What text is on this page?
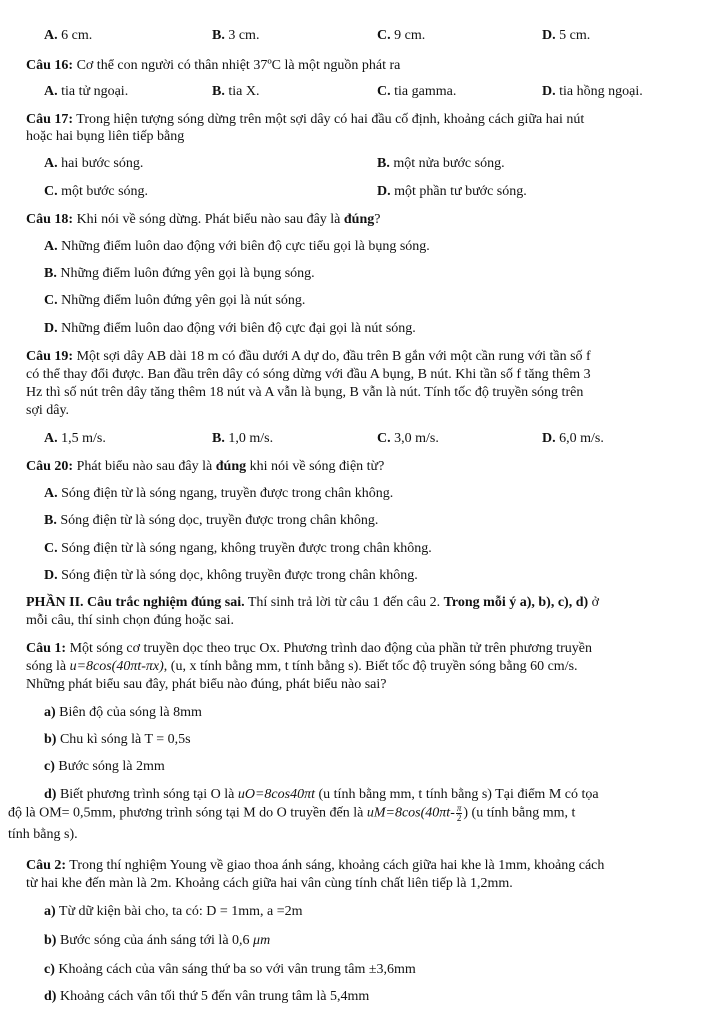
A. 6 cm.	B. 3 cm.	C. 9 cm.	D. 5 cm.
Câu 16: Cơ thể con người có thân nhiệt 37ºC là một nguồn phát ra
A. tia tử ngoại.	B. tia X.	C. tia gamma.	D. tia hồng ngoại.
Câu 17: Trong hiện tượng sóng dừng trên một sợi dây có hai đầu cố định, khoảng cách giữa hai nút
hoặc hai bụng liên tiếp bằng
A. hai bước sóng.	B. một nửa bước sóng.
C. một bước sóng.	D. một phần tư bước sóng.
Câu 18: Khi nói về sóng dừng. Phát biểu nào sau đây là đúng?
A. Những điểm luôn dao động với biên độ cực tiểu gọi là bụng sóng.
B. Những điểm luôn đứng yên gọi là bụng sóng.
C. Những điểm luôn đứng yên gọi là nút sóng.
D. Những điểm luôn dao động với biên độ cực đại gọi là nút sóng.
Câu 19: Một sợi dây AB dài 18 m có đầu dưới A dự do, đầu trên B gắn với một cần rung với tần số f
có thể thay đổi được. Ban đầu trên dây có sóng dừng với đầu A bụng, B nút. Khi tần số f tăng thêm 3
Hz thì số nút trên dây tăng thêm 18 nút và A vẫn là bụng, B vẫn là nút. Tính tốc độ truyền sóng trên
sợi dây.
A. 1,5 m/s.	B. 1,0 m/s.	C. 3,0 m/s.	D. 6,0 m/s.
Câu 20: Phát biểu nào sau đây là đúng khi nói về sóng điện từ?
A. Sóng điện từ là sóng ngang, truyền được trong chân không.
B. Sóng điện từ là sóng dọc, truyền được trong chân không.
C. Sóng điện từ là sóng ngang, không truyền được trong chân không.
D. Sóng điện từ là sóng dọc, không truyền được trong chân không.
PHẦN II. Câu trắc nghiệm đúng sai. Thí sinh trả lời từ câu 1 đến câu 2. Trong mỗi ý a), b), c), d) ở
mỗi câu, thí sinh chọn đúng hoặc sai.
Câu 1: Một sóng cơ truyền dọc theo trục Ox. Phương trình dao động của phần tử trên phương truyền
sóng là u=8cos(40πt-πx), (u, x tính bằng mm, t tính bằng s). Biết tốc độ truyền sóng bằng 60 cm/s.
Những phát biểu sau đây, phát biểu nào đúng, phát biểu nào sai?
a) Biên độ của sóng là 8mm
b) Chu kì sóng là T = 0,5s
c) Bước sóng là 2mm
d) Biết phương trình sóng tại O là uO=8cos40πt (u tính bằng mm, t tính bằng s) Tại điểm M có tọa
độ là OM= 0,5mm, phương trình sóng tại M do O truyền đến là $uM=8\cos(40\pi t- \frac{\pi}{2}$ ) (u tính bằng mm, t
tính bằng s).
Câu 2: Trong thí nghiệm Young về giao thoa ánh sáng, khoảng cách giữa hai khe là 1mm, khoảng cách
từ hai khe đến màn là 2m. Khoảng cách giữa hai vân cùng tính chất liên tiếp là 1,2mm.
a) Từ dữ kiện bài cho, ta có: D = 1mm, a =2m
b) Bước sóng của ánh sáng tới là 0,6 μm
c) Khoảng cách của vân sáng thứ ba so với vân trung tâm ±3,6mm
d) Khoảng cách vân tối thứ 5 đến vân trung tâm là 5,4mm
